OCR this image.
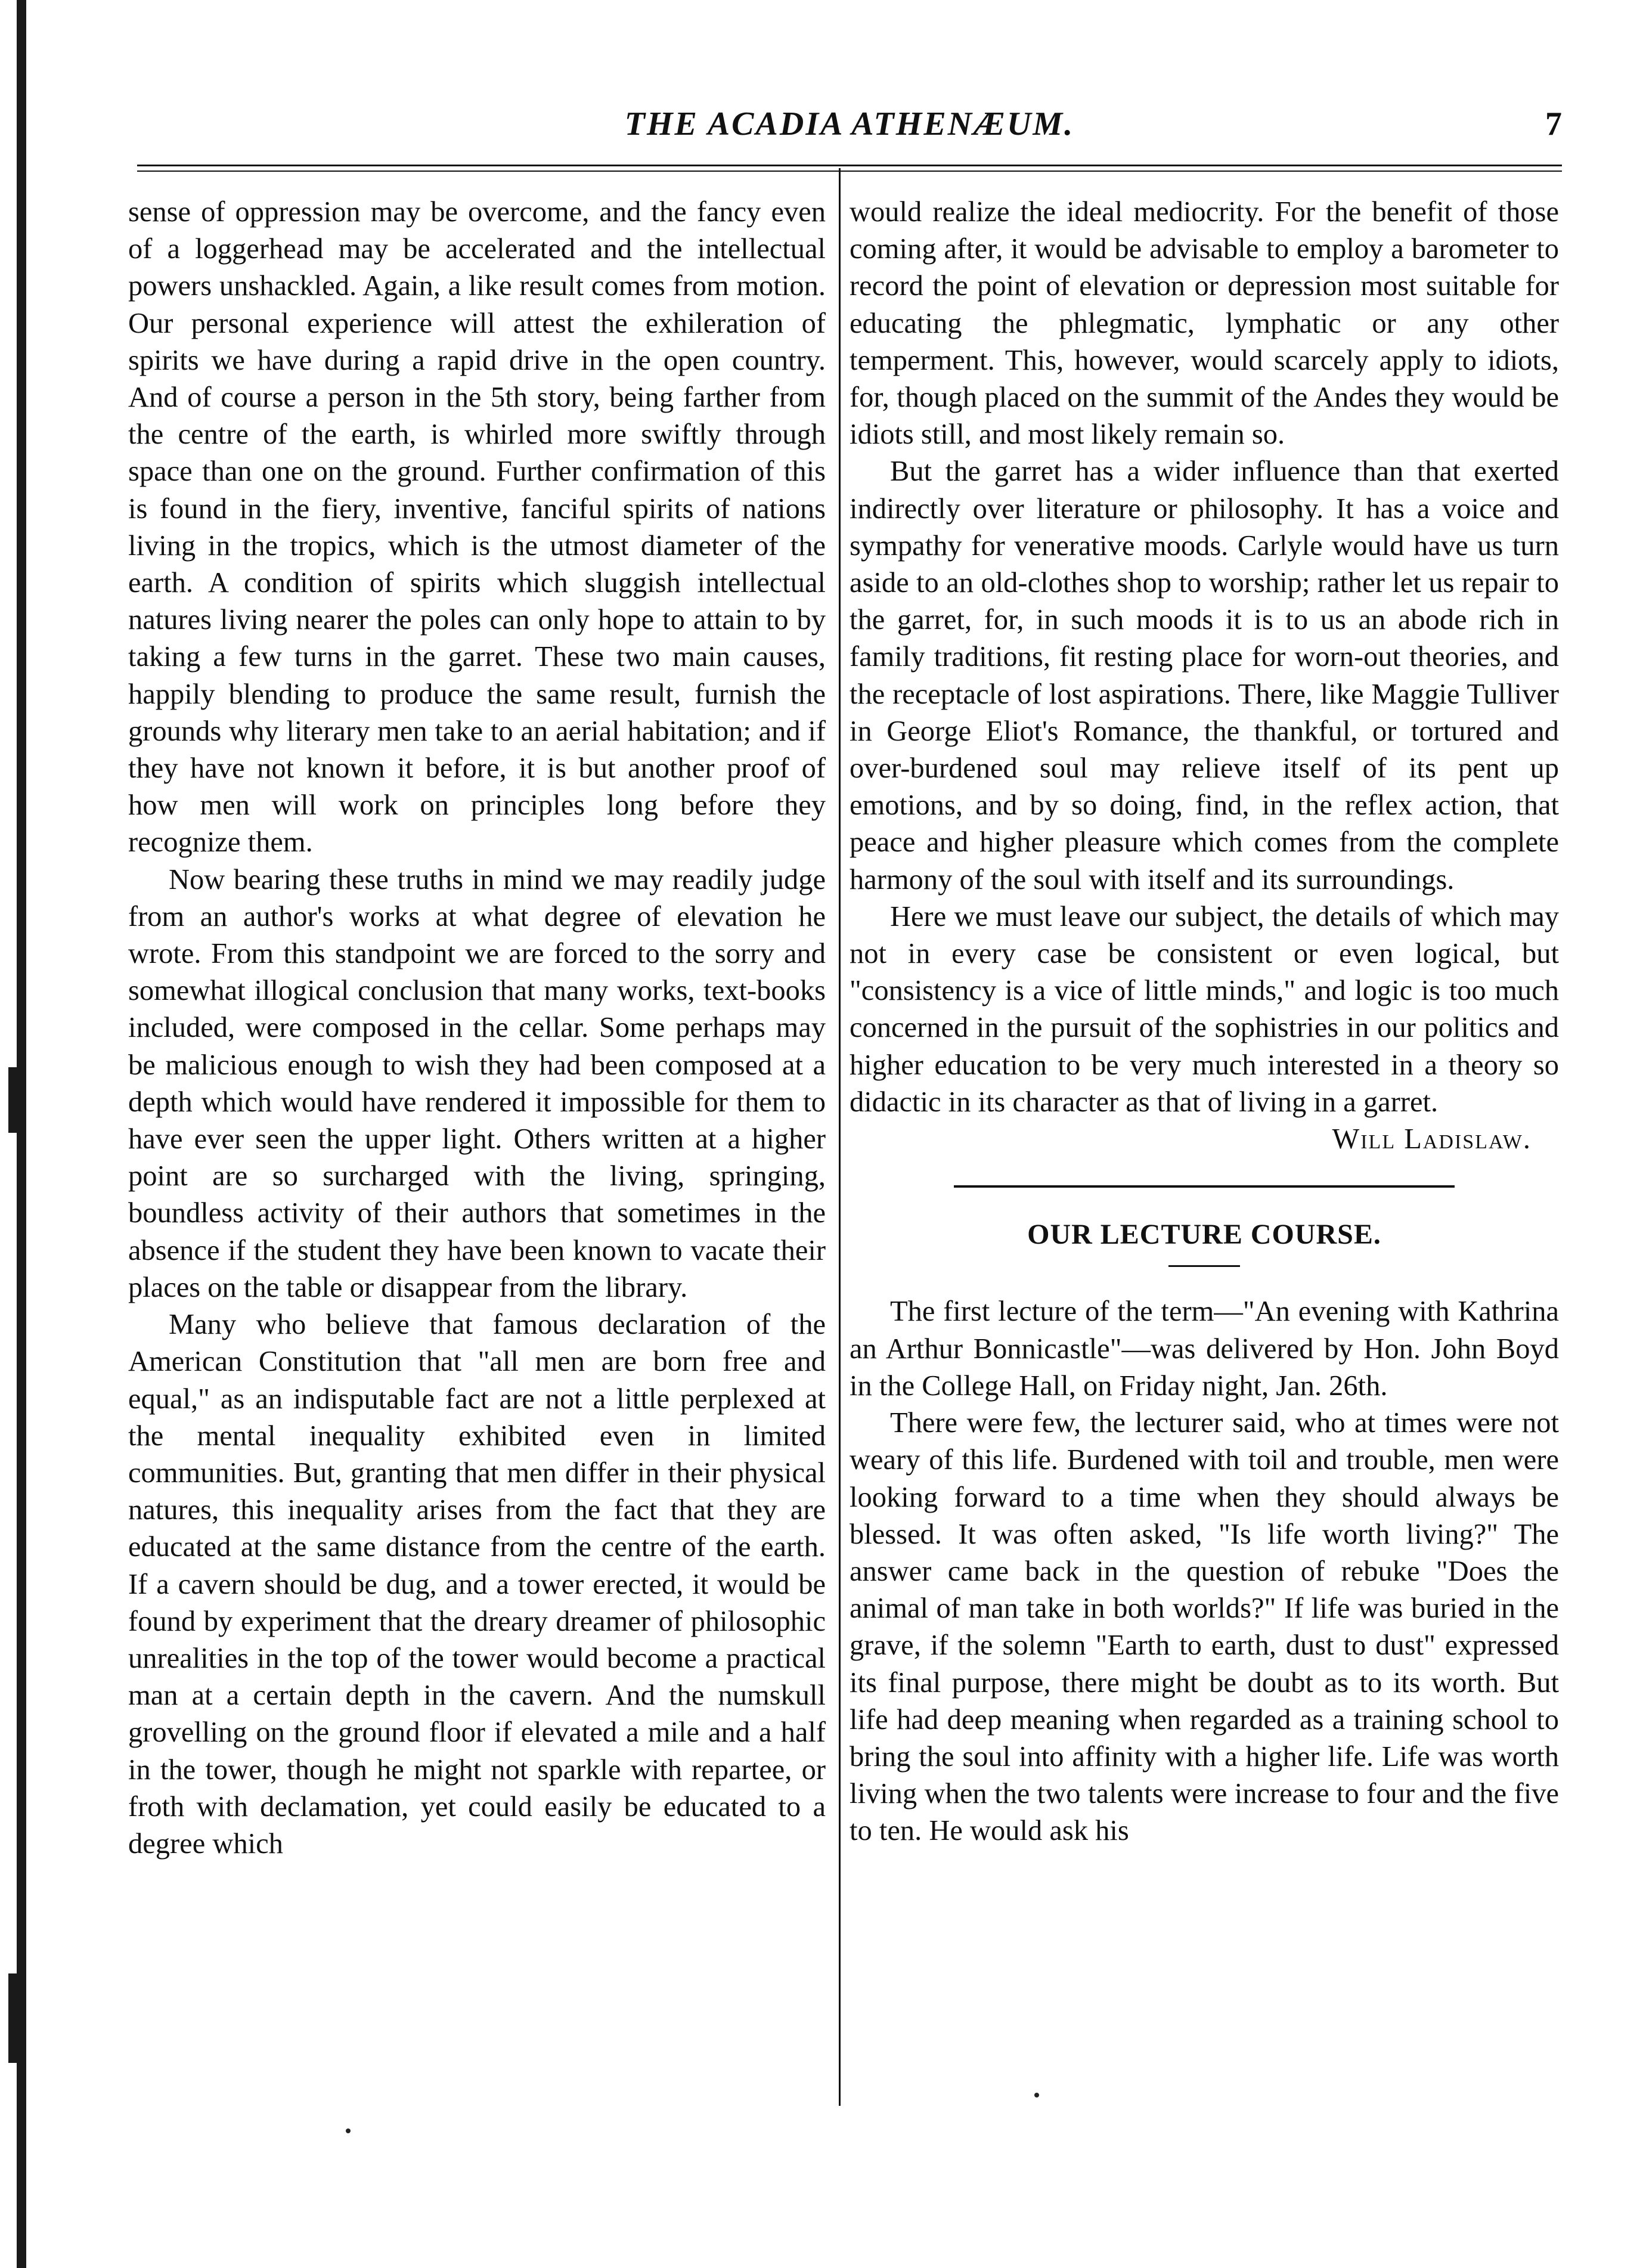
THE ACADIA ATHENÆUM.	7

sense of oppression may be overcome, and the fancy even of a loggerhead may be accelerated and the intellectual powers unshackled. Again, a like result comes from motion. Our personal experience will attest the exhileration of spirits we have during a rapid drive in the open country. And of course a person in the 5th story, being farther from the centre of the earth, is whirled more swiftly through space than one on the ground. Further confirmation of this is found in the fiery, inventive, fanciful spirits of nations living in the tropics, which is the utmost diameter of the earth. A condition of spirits which sluggish intellectual natures living nearer the poles can only hope to attain to by taking a few turns in the garret. These two main causes, happily blending to produce the same result, furnish the grounds why literary men take to an aerial habitation; and if they have not known it before, it is but another proof of how men will work on principles long before they recognize them.

Now bearing these truths in mind we may readily judge from an author's works at what degree of elevation he wrote. From this standpoint we are forced to the sorry and somewhat illogical conclusion that many works, text-books included, were composed in the cellar. Some perhaps may be malicious enough to wish they had been composed at a depth which would have rendered it impossible for them to have ever seen the upper light. Others written at a higher point are so surcharged with the living, springing, boundless activity of their authors that sometimes in the absence if the student they have been known to vacate their places on the table or disappear from the library.

Many who believe that famous declaration of the American Constitution that "all men are born free and equal," as an indisputable fact are not a little perplexed at the mental inequality exhibited even in limited communities. But, granting that men differ in their physical natures, this inequality arises from the fact that they are educated at the same distance from the centre of the earth. If a cavern should be dug, and a tower erected, it would be found by experiment that the dreary dreamer of philosophic unrealities in the top of the tower would become a practical man at a certain depth in the cavern. And the numskull grovelling on the ground floor if elevated a mile and a half in the tower, though he might not sparkle with repartee, or froth with declamation, yet could easily be educated to a degree which

would realize the ideal mediocrity. For the benefit of those coming after, it would be advisable to employ a barometer to record the point of elevation or depression most suitable for educating the phlegmatic, lymphatic or any other temperment. This, however, would scarcely apply to idiots, for, though placed on the summit of the Andes they would be idiots still, and most likely remain so.

But the garret has a wider influence than that exerted indirectly over literature or philosophy. It has a voice and sympathy for venerative moods. Carlyle would have us turn aside to an old-clothes shop to worship; rather let us repair to the garret, for, in such moods it is to us an abode rich in family traditions, fit resting place for worn-out theories, and the receptacle of lost aspirations. There, like Maggie Tulliver in George Eliot's Romance, the thankful, or tortured and over-burdened soul may relieve itself of its pent up emotions, and by so doing, find, in the reflex action, that peace and higher pleasure which comes from the complete harmony of the soul with itself and its surroundings.

Here we must leave our subject, the details of which may not in every case be consistent or even logical, but "consistency is a vice of little minds," and logic is too much concerned in the pursuit of the sophistries in our politics and higher education to be very much interested in a theory so didactic in its character as that of living in a garret.

Will Ladislaw.

OUR LECTURE COURSE.

The first lecture of the term—"An evening with Kathrina an Arthur Bonnicastle"—was delivered by Hon. John Boyd in the College Hall, on Friday night, Jan. 26th.

There were few, the lecturer said, who at times were not weary of this life. Burdened with toil and trouble, men were looking forward to a time when they should always be blessed. It was often asked, "Is life worth living?" The answer came back in the question of rebuke "Does the animal of man take in both worlds?" If life was buried in the grave, if the solemn "Earth to earth, dust to dust" expressed its final purpose, there might be doubt as to its worth. But life had deep meaning when regarded as a training school to bring the soul into affinity with a higher life. Life was worth living when the two talents were increase to four and the five to ten. He would ask his
